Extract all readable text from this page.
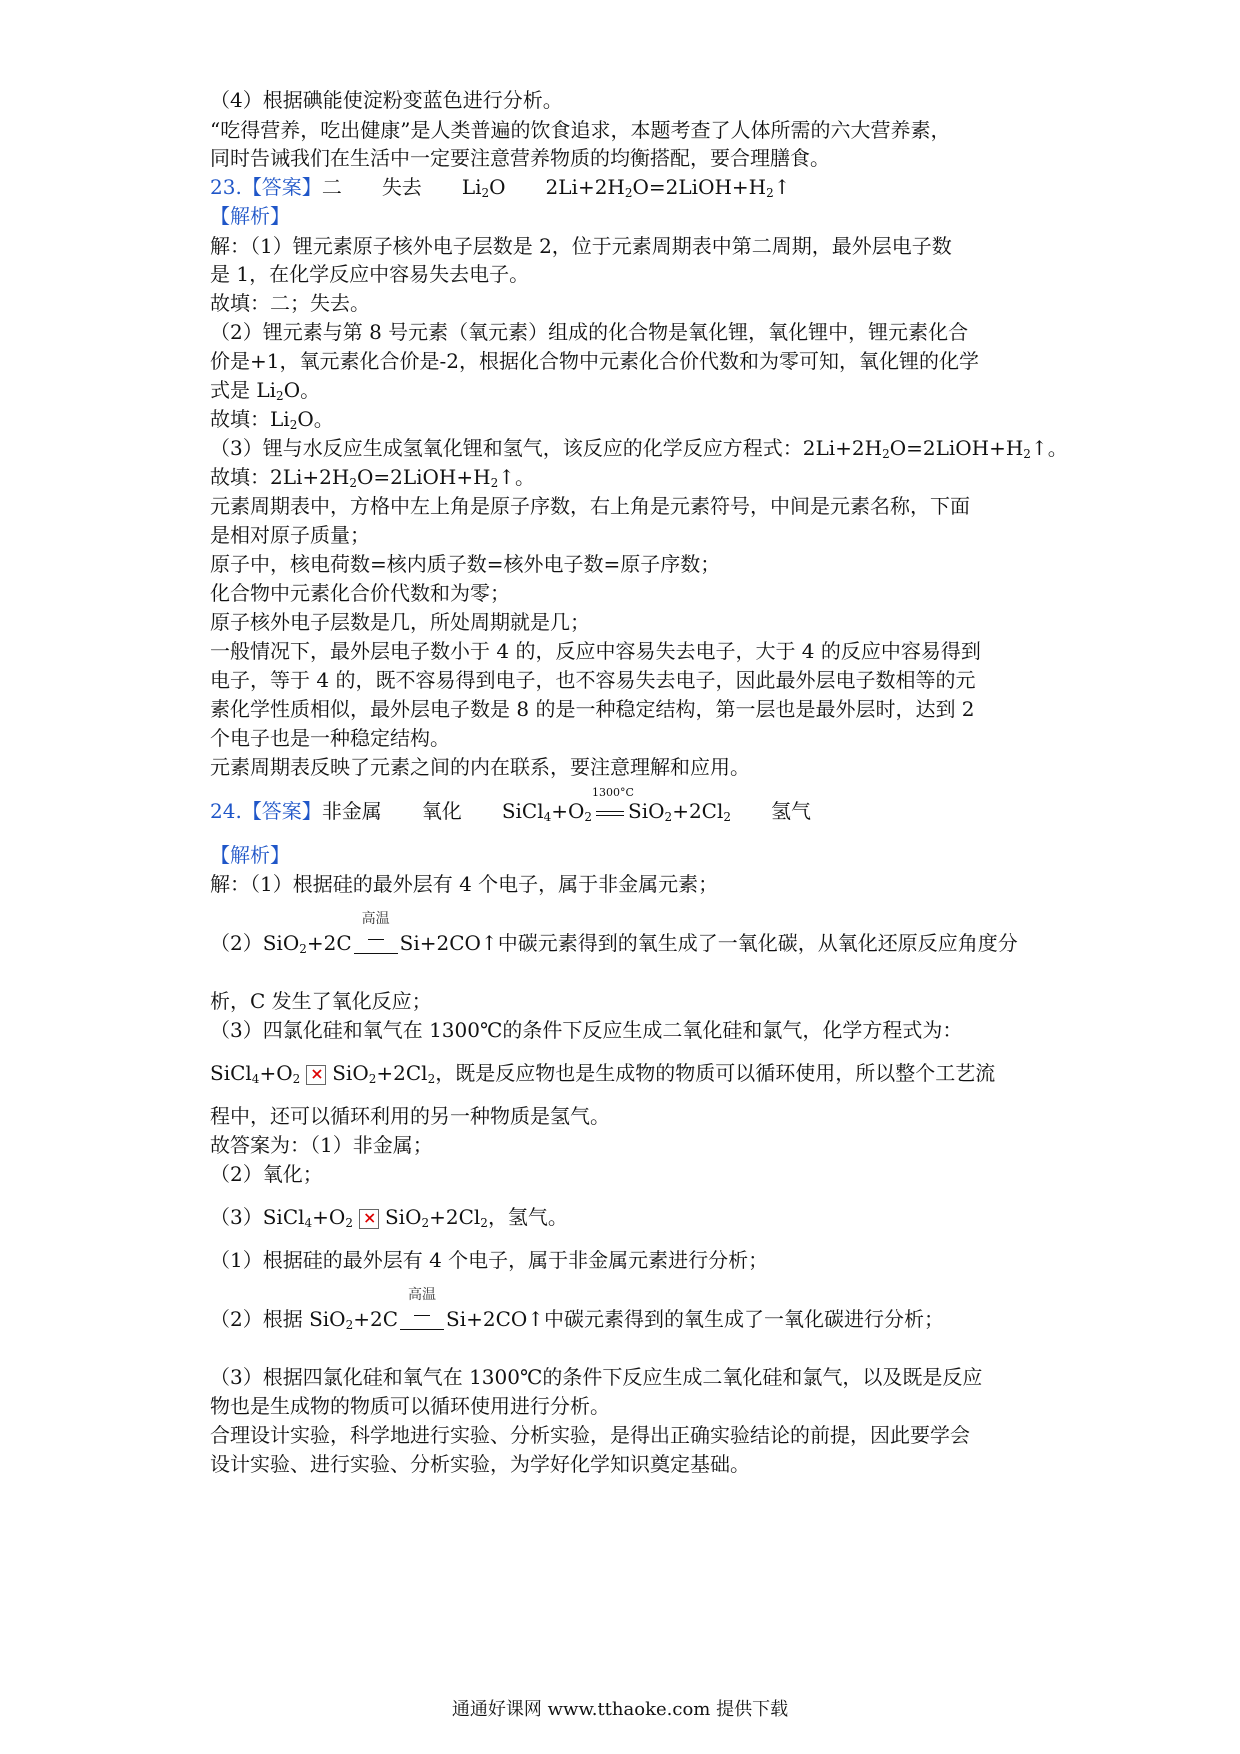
（4）根据碘能使淀粉变蓝色进行分析。
“吃得营养，吃出健康”是人类普遍的饮食追求，本题考查了人体所需的六大营养素，
同时告诫我们在生活中一定要注意营养物质的均衡搭配，要合理膳食。
23.【答案】二 失去 $Li_2O$ $2Li+2H_2O=2LiOH+H_2↑$
【解析】
解：（1）锂元素原子核外电子层数是 2，位于元素周期表中第二周期，最外层电子数
是 1，在化学反应中容易失去电子。
故填：二；失去。
（2）锂元素与第 8 号元素（氧元素）组成的化合物是氧化锂，氧化锂中，锂元素化合
价是+1，氧元素化合价是-2，根据化合物中元素化合价代数和为零可知，氧化锂的化学
式是 $Li_2O$。
故填：$Li_2O$。
（3）锂与水反应生成氢氧化锂和氢气，该反应的化学反应方程式：$2Li+2H_2O=2LiOH+H_2↑$。
故填：$2Li+2H_2O=2LiOH+H_2↑$。
元素周期表中，方格中左上角是原子序数，右上角是元素符号，中间是元素名称，下面
是相对原子质量；
原子中，核电荷数=核内质子数=核外电子数=原子序数；
化合物中元素化合价代数和为零；
原子核外电子层数是几，所处周期就是几；
一般情况下，最外层电子数小于 4 的，反应中容易失去电子，大于 4 的反应中容易得到
电子，等于 4 的，既不容易得到电子，也不容易失去电子，因此最外层电子数相等的元
素化学性质相似，最外层电子数是 8 的是一种稳定结构，第一层也是最外层时，达到 2
个电子也是一种稳定结构。
元素周期表反映了元素之间的内在联系，要注意理解和应用。
24.【答案】非金属 氧化 $SiCl_4+O_2$
1300°C
$SiO_2+2Cl_2$ 氢气
【解析】
解：（1）根据硅的最外层有 4 个电子，属于非金属元素；
（2）SiO$_2$+2C
高温
Si+2CO↑中碳元素得到的氧生成了一氧化碳，从氧化还原反应角度分
析，C 发生了氧化反应；
（3）四氯化硅和氧气在 1300℃的条件下反应生成二氧化硅和氯气，化学方程式为：
$SiCl_4+O_2 \times SiO_2+2Cl_2$，既是反应物也是生成物的物质可以循环使用，所以整个工艺流
程中，还可以循环利用的另一种物质是氢气。
故答案为：（1）非金属；
（2）氧化；
$(3)SiCl_4+O_2 \times SiO_2+2Cl_2$，氢气。
（1）根据硅的最外层有 4 个电子，属于非金属元素进行分析；
（2）根据 SiO$_2$+2C
高温
Si+2CO↑中碳元素得到的氧生成了一氧化碳进行分析；
（3）根据四氯化硅和氧气在 1300℃的条件下反应生成二氧化硅和氯气，以及既是反应
物也是生成物的物质可以循环使用进行分析。
合理设计实验，科学地进行实验、分析实验，是得出正确实验结论的前提，因此要学会
设计实验、进行实验、分析实验，为学好化学知识奠定基础。
通通好课网 www.tthaoke.com 提供下载
